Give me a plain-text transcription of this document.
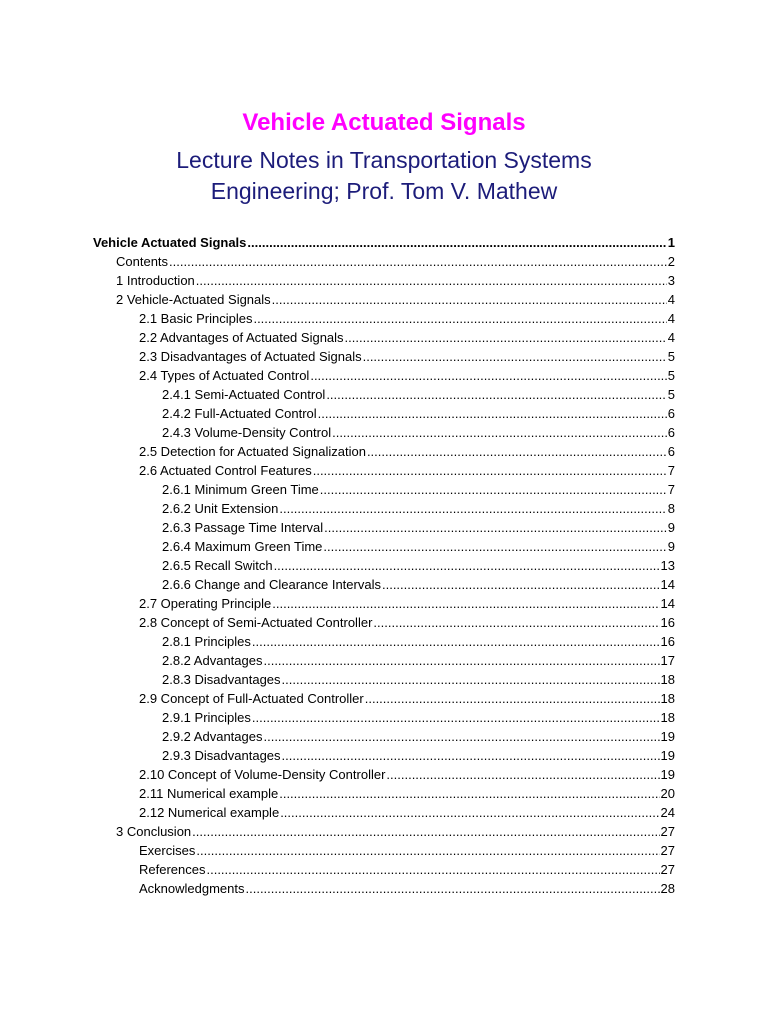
Vehicle Actuated Signals
Lecture Notes in Transportation Systems
Engineering; Prof. Tom V. Mathew
Vehicle Actuated Signals .....	1
Contents .....	2
1 Introduction .....	3
2 Vehicle-Actuated Signals .....	4
2.1 Basic Principles .....	4
2.2 Advantages of Actuated Signals .....	4
2.3 Disadvantages of Actuated Signals .....	5
2.4 Types of Actuated Control .....	5
2.4.1 Semi-Actuated Control .....	5
2.4.2 Full-Actuated Control .....	6
2.4.3 Volume-Density Control .....	6
2.5 Detection for Actuated Signalization .....	6
2.6 Actuated Control Features .....	7
2.6.1 Minimum Green Time .....	7
2.6.2 Unit Extension .....	8
2.6.3 Passage Time Interval .....	9
2.6.4 Maximum Green Time .....	9
2.6.5 Recall Switch .....	13
2.6.6 Change and Clearance Intervals .....	14
2.7 Operating Principle .....	14
2.8 Concept of Semi-Actuated Controller .....	16
2.8.1 Principles .....	16
2.8.2 Advantages .....	17
2.8.3 Disadvantages .....	18
2.9 Concept of Full-Actuated Controller .....	18
2.9.1 Principles .....	18
2.9.2 Advantages .....	19
2.9.3 Disadvantages .....	19
2.10 Concept of Volume-Density Controller .....	19
2.11 Numerical example .....	20
2.12 Numerical example .....	24
3 Conclusion .....	27
Exercises .....	27
References .....	27
Acknowledgments .....	28
